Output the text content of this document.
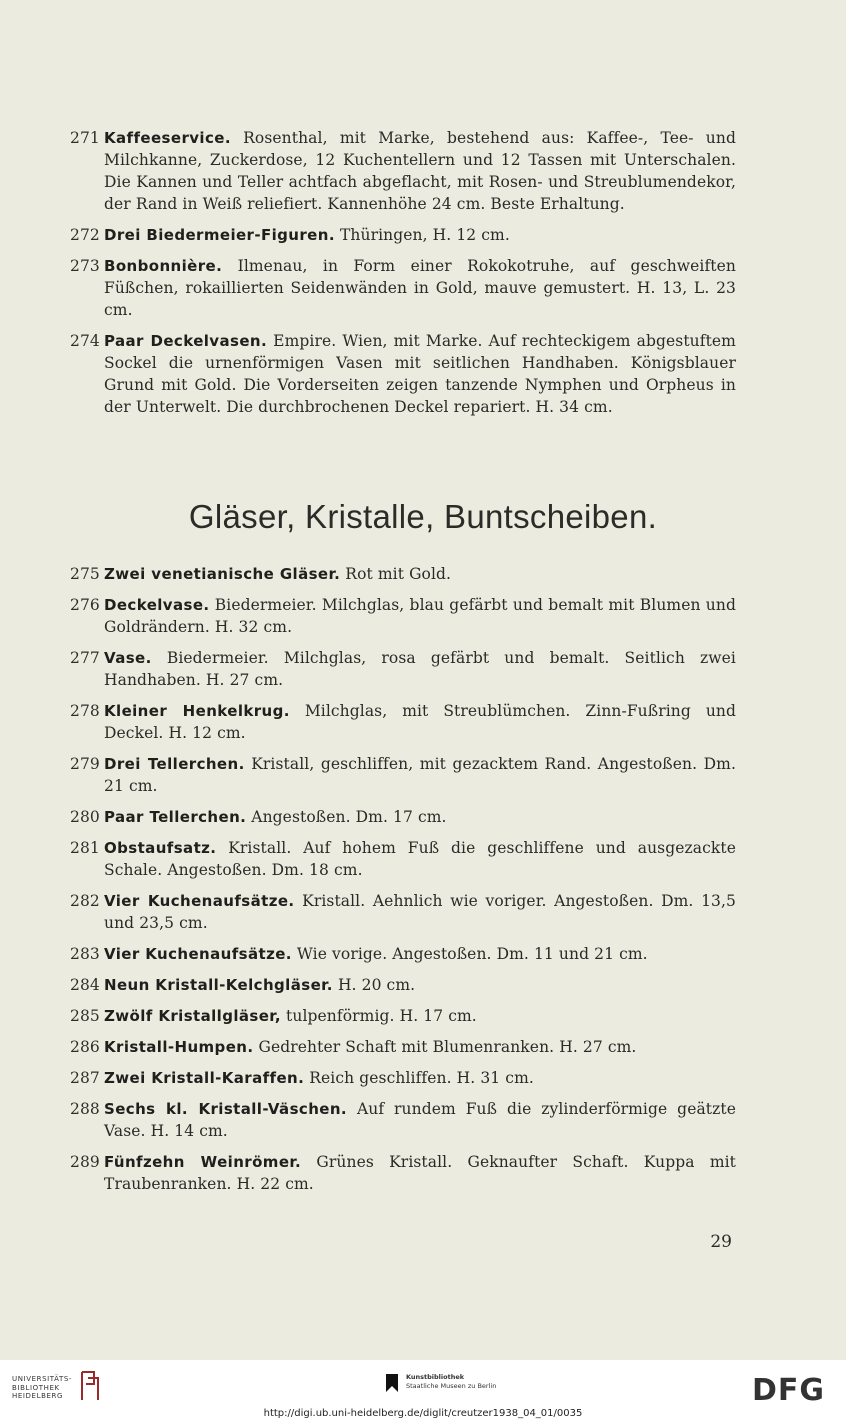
271 Kaffeeservice. Rosenthal, mit Marke, bestehend aus: Kaffee-, Tee- und Milchkanne, Zuckerdose, 12 Kuchentellern und 12 Tassen mit Unterschalen. Die Kannen und Teller achtfach abgeflacht, mit Rosen- und Streublumendekor, der Rand in Weiß reliefiert. Kannenhöhe 24 cm. Beste Erhaltung.
272 Drei Biedermeier-Figuren. Thüringen, H. 12 cm.
273 Bonbonnière. Ilmenau, in Form einer Rokokotruhe, auf geschweiften Füßchen, rokaillierten Seidenwänden in Gold, mauve gemustert. H. 13, L. 23 cm.
274 Paar Deckelvasen. Empire. Wien, mit Marke. Auf rechteckigem abgestuftem Sockel die urnenförmigen Vasen mit seitlichen Handhaben. Königsblauer Grund mit Gold. Die Vorderseiten zeigen tanzende Nymphen und Orpheus in der Unterwelt. Die durchbrochenen Deckel repariert. H. 34 cm.
Gläser, Kristalle, Buntscheiben.
275 Zwei venetianische Gläser. Rot mit Gold.
276 Deckelvase. Biedermeier. Milchglas, blau gefärbt und bemalt mit Blumen und Goldrändern. H. 32 cm.
277 Vase. Biedermeier. Milchglas, rosa gefärbt und bemalt. Seitlich zwei Handhaben. H. 27 cm.
278 Kleiner Henkelkrug. Milchglas, mit Streublümchen. Zinn-Fußring und Deckel. H. 12 cm.
279 Drei Tellerchen. Kristall, geschliffen, mit gezacktem Rand. Angestoßen. Dm. 21 cm.
280 Paar Tellerchen. Angestoßen. Dm. 17 cm.
281 Obstaufsatz. Kristall. Auf hohem Fuß die geschliffene und ausgezackte Schale. Angestoßen. Dm. 18 cm.
282 Vier Kuchenaufsätze. Kristall. Aehnlich wie voriger. Angestoßen. Dm. 13,5 und 23,5 cm.
283 Vier Kuchenaufsätze. Wie vorige. Angestoßen. Dm. 11 und 21 cm.
284 Neun Kristall-Kelchgläser. H. 20 cm.
285 Zwölf Kristallgläser, tulpenförmig. H. 17 cm.
286 Kristall-Humpen. Gedrehter Schaft mit Blumenranken. H. 27 cm.
287 Zwei Kristall-Karaffen. Reich geschliffen. H. 31 cm.
288 Sechs kl. Kristall-Väschen. Auf rundem Fuß die zylinderförmige geätzte Vase. H. 14 cm.
289 Fünfzehn Weinrömer. Grünes Kristall. Geknaufter Schaft. Kuppa mit Traubenranken. H. 22 cm.
29
UNIVERSITÄTS-
BIBLIOTHEK
HEIDELBERG
Kunstbibliothek
Staatliche Museen zu Berlin	DFG
http://digi.ub.uni-heidelberg.de/diglit/creutzer1938_04_01/0035
